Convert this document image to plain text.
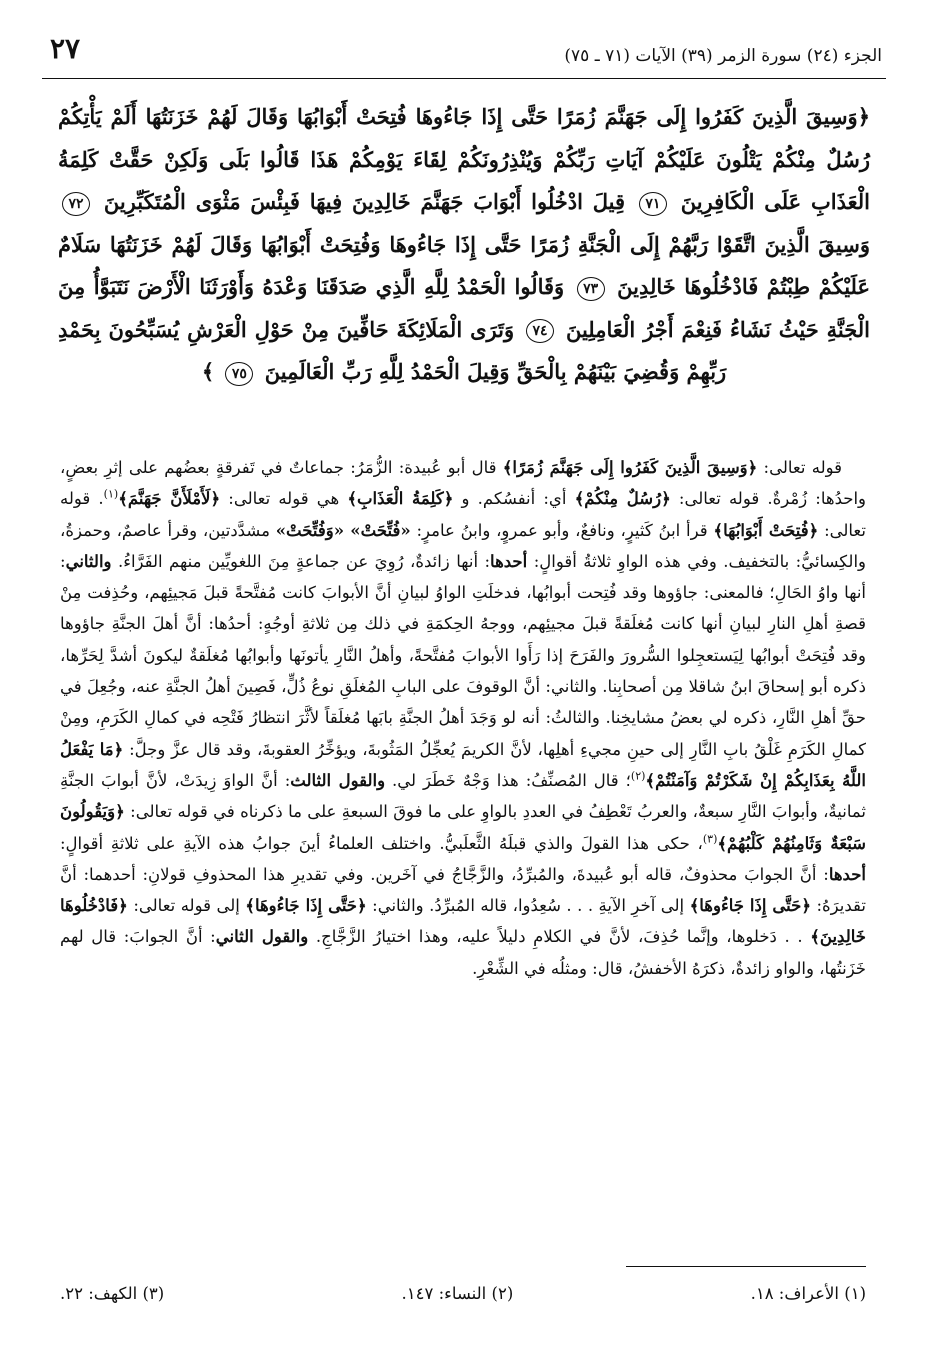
٢٧	الجزء (٢٤) سورة الزمر (٣٩) الآيات (٧١ ـ ٧٥)
﴿وَسِيقَ الَّذِينَ كَفَرُوا إِلَى جَهَنَّمَ زُمَرًا حَتَّى إِذَا جَاءُوهَا فُتِحَتْ أَبْوَابُهَا وَقَالَ لَهُمْ خَزَنَتُهَا أَلَمْ يَأْتِكُمْ رُسُلٌ مِنْكُمْ يَتْلُونَ عَلَيْكُمْ آيَاتِ رَبِّكُمْ وَيُنْذِرُونَكُمْ لِقَاءَ يَوْمِكُمْ هَذَا قَالُوا بَلَى وَلَكِنْ حَقَّتْ كَلِمَةُ الْعَذَابِ عَلَى الْكَافِرِينَ ٧١ قِيلَ ادْخُلُوا أَبْوَابَ جَهَنَّمَ خَالِدِينَ فِيهَا فَبِئْسَ مَثْوَى الْمُتَكَبِّرِينَ ٧٢ وَسِيقَ الَّذِينَ اتَّقَوْا رَبَّهُمْ إِلَى الْجَنَّةِ زُمَرًا حَتَّى إِذَا جَاءُوهَا وَفُتِحَتْ أَبْوَابُهَا وَقَالَ لَهُمْ خَزَنَتُهَا سَلَامٌ عَلَيْكُمْ طِبْتُمْ فَادْخُلُوهَا خَالِدِينَ ٧٣ وَقَالُوا الْحَمْدُ لِلَّهِ الَّذِي صَدَقَنَا وَعْدَهُ وَأَوْرَثَنَا الْأَرْضَ نَتَبَوَّأُ مِنَ الْجَنَّةِ حَيْثُ نَشَاءُ فَنِعْمَ أَجْرُ الْعَامِلِينَ ٧٤ وَتَرَى الْمَلَائِكَةَ حَافِّينَ مِنْ حَوْلِ الْعَرْشِ يُسَبِّحُونَ بِحَمْدِ رَبِّهِمْ وَقُضِيَ بَيْنَهُمْ بِالْحَقِّ وَقِيلَ الْحَمْدُ لِلَّهِ رَبِّ الْعَالَمِينَ ٧٥ ﴾

قوله تعالى: ﴿وَسِيقَ الَّذِينَ كَفَرُوا إِلَى جَهَنَّمَ زُمَرًا﴾ قال أبو عُبيدة: الزُّمَرُ: جماعاتٌ في تَفرقةٍ بعضُهم على إثرِ بعضٍ، واحدُها: زُمْرةٌ. قوله تعالى: ﴿رُسُلٌ مِنْكُمْ﴾ أي: أنفسُكم. و ﴿كَلِمَةُ الْعَذَابِ﴾ هي قوله تعالى: ﴿لَأَمْلَأَنَّ جَهَنَّمَ﴾$^{(١)}$. قوله تعالى: ﴿فُتِحَتْ أَبْوَابُهَا﴾ قرأ ابنُ كَثيرٍ، ونافعٌ، وأبو عمروٍ، وابنُ عامرٍ: «فُتِّحَتْ» «وَفُتِّحَتْ» مشدَّدتين، وقرأ عاصمٌ، وحمزةُ، والكِسائيُّ: بالتخفيف. وفي هذه الواوِ ثلاثةُ أقوالٍ: أحدها: أنها زائدةٌ، رُوِيَ عن جماعةٍ مِنَ اللغويِّين منهم الفَرَّاءُ. والثاني: أنها واوُ الحَالِ؛ فالمعنى: جاؤوها وقد فُتِحت أبوابُها، فدخلَتِ الواوُ لبيانِ أنَّ الأبوابَ كانت مُفتَّحةً قبلَ مَجيئِهم، وحُذِفت مِنْ قصةِ أهلِ النارِ لبيانِ أنها كانت مُغلَقةً قبلَ مجيئِهم، ووجهُ الحِكمَةِ في ذلك مِن ثلاثةِ أوجُهٍ: أحدُها: أنَّ أهلَ الجنَّةِ جاؤوها وقد فُتِحَتْ أبوابُها لِيَستعجِلوا السُّرورَ والفَرَحَ إذا رَأَوا الأبوابَ مُفتَّحةً، وأهلُ النَّارِ يأتونَها وأبوابُها مُغلَقةٌ ليكونَ أشدَّ لِحَرِّها، ذكره أبو إسحاقَ ابنُ شاقلا مِن أصحابِنا. والثاني: أنَّ الوقوفَ على البابِ المُغلَقِ نوعُ ذُلٍّ، فَصِينَ أهلُ الجنَّةِ عنه، وجُعِلَ في حقِّ أهلِ النَّارِ، ذكره لي بعضُ مشايخِنا. والثالثُ: أنه لو وَجَدَ أهلُ الجنَّةِ بابَها مُغلَقاً لأثَّرَ انتظارُ فَتْحِه في كمالِ الكَرَمِ، ومِنْ كمالِ الكَرَمِ غَلْقُ بابِ النَّارِ إلى حينِ مجيءِ أهلِها، لأنَّ الكريمَ يُعجِّلُ المَثُوبةَ، ويؤخِّرُ العقوبةَ، وقد قال عزَّ وجلَّ: ﴿مَا يَفْعَلُ اللَّهُ بِعَذَابِكُمْ إِنْ شَكَرْتُمْ وَآمَنْتُمْ﴾$^{(٢)}$؛ قال المُصنِّفُ: هذا وَجْهٌ خَطَرَ لي. والقول الثالث: أنَّ الواوَ زِيدَتْ، لأنَّ أبوابَ الجنَّةِ ثمانيةٌ، وأبوابَ النَّارِ سبعةٌ، والعربُ تَعْطِفُ في العددِ بالواوِ على ما فوقَ السبعةِ على ما ذكرناه في قوله تعالى: ﴿وَيَقُولُونَ سَبْعَةٌ وَثَامِنُهُمْ كَلْبُهُمْ﴾$^{(٣)}$، حكى هذا القولَ والذي قبلَهُ الثَّعلَبيُّ. واختلف العلماءُ أينَ جوابُ هذه الآيةِ على ثلاثةِ أقوالٍ: أحدها: أنَّ الجوابَ محذوفٌ، قاله أبو عُبيدةَ، والمُبرِّدُ، والزَّجَّاجُ في آخَرين. وفي تقديرِ هذا المحذوفِ قولانِ: أحدهما: أنَّ تقديرَهُ: ﴿حَتَّى إِذَا جَاءُوهَا﴾ إلى آخرِ الآيةِ . . . سُعِدُوا، قاله المُبرِّدُ. والثاني: ﴿حَتَّى إِذَا جَاءُوهَا﴾ إلى قوله تعالى: ﴿فَادْخُلُوهَا خَالِدِينَ﴾ . . دَخلوها، وإنَّما حُذِفَ، لأنَّ في الكلامِ دليلاً عليه، وهذا اختيارُ الزَّجَّاجِ. والقول الثاني: أنَّ الجوابَ: قال لهم خَزَنتُها، والواو زائدةٌ، ذكرَهُ الأخفشُ، قال: ومثلُه في الشِّعْرِ.

(١) الأعراف: ١٨.
(٢) النساء: ١٤٧.
(٣) الكهف: ٢٢.
